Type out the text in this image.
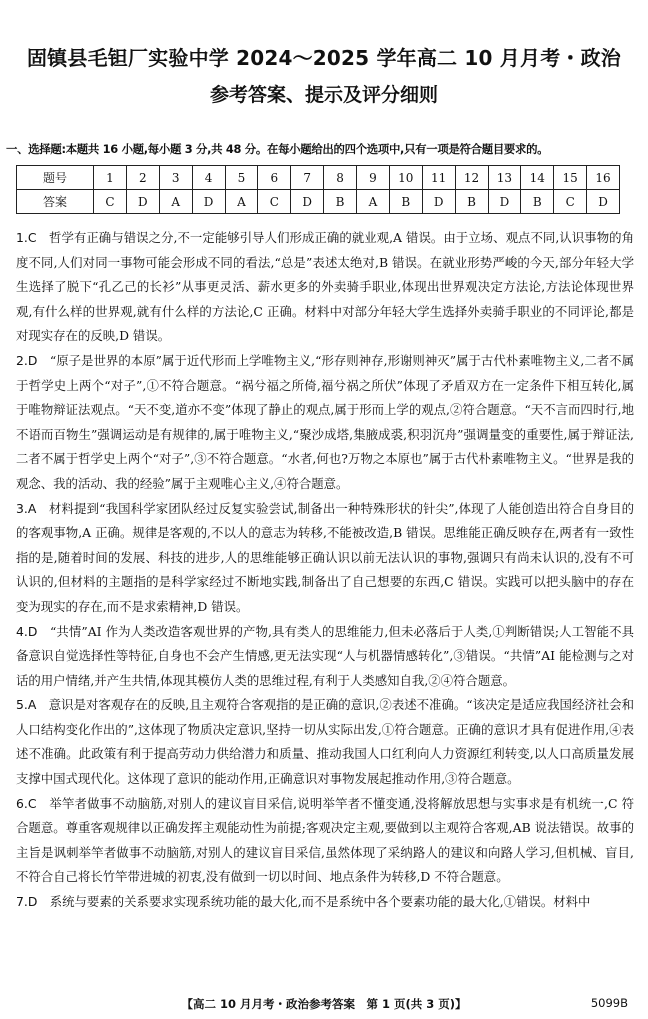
固镇县毛钽厂实验中学 2024～2025 学年高二 10 月月考・政治
参考答案、提示及评分细则
一、选择题:本题共 16 小题,每小题 3 分,共 48 分。在每小题给出的四个选项中,只有一项是符合题目要求的。
题号	1	2	3	4	5	6	7	8	9	10	11	12	13	14	15	16
答案	C	D	A	D	A	C	D	B	A	B	D	B	D	B	C	D

1.C　 哲学有正确与错误之分,不一定能够引导人们形成正确的就业观,A 错误。由于立场、观点不同,认识事物的角度不同,人们对同一事物可能会形成不同的看法,“总是”表述太绝对,B 错误。在就业形势严峻的今天,部分年轻大学生选择了脱下“孔乙己的长衫”从事更灵活、薪水更多的外卖骑手职业,体现出世界观决定方法论,方法论体现世界观,有什么样的世界观,就有什么样的方法论,C 正确。材料中对部分年轻大学生选择外卖骑手职业的不同评论,都是对现实存在的反映,D 错误。

2.D　 “原子是世界的本原”属于近代形而上学唯物主义,“形存则神存,形谢则神灭”属于古代朴素唯物主义,二者不属于哲学史上两个“对子”,①不符合题意。“祸兮福之所倚,福兮祸之所伏”体现了矛盾双方在一定条件下相互转化,属于唯物辩证法观点。“天不变,道亦不变”体现了静止的观点,属于形而上学的观点,②符合题意。“天不言而四时行,地不语而百物生”强调运动是有规律的,属于唯物主义,“聚沙成塔,集腋成裘,积羽沉舟”强调量变的重要性,属于辩证法,二者不属于哲学史上两个“对子”,③不符合题意。“水者,何也?万物之本原也”属于古代朴素唯物主义。“世界是我的观念、我的活动、我的经验”属于主观唯心主义,④符合题意。

3.A　 材料提到“我国科学家团队经过反复实验尝试,制备出一种特殊形状的针尖”,体现了人能创造出符合自身目的的客观事物,A 正确。规律是客观的,不以人的意志为转移,不能被改造,B 错误。思维能正确反映存在,两者有一致性指的是,随着时间的发展、科技的进步,人的思维能够正确认识以前无法认识的事物,强调只有尚未认识的,没有不可认识的,但材料的主题指的是科学家经过不断地实践,制备出了自己想要的东西,C 错误。实践可以把头脑中的存在变为现实的存在,而不是求索精神,D 错误。

4.D　 “共情”AI 作为人类改造客观世界的产物,具有类人的思维能力,但未必落后于人类,①判断错误;人工智能不具备意识自觉选择性等特征,自身也不会产生情感,更无法实现“人与机器情感转化”,③错误。“共情”AI 能检测与之对话的用户情绪,并产生共情,体现其模仿人类的思维过程,有利于人类感知自我,②④符合题意。

5.A　 意识是对客观存在的反映,且主观符合客观指的是正确的意识,②表述不准确。“该决定是适应我国经济社会和人口结构变化作出的”,这体现了物质决定意识,坚持一切从实际出发,①符合题意。正确的意识才具有促进作用,④表述不准确。此政策有利于提高劳动力供给潜力和质量、推动我国人口红利向人力资源红利转变,以人口高质量发展支撑中国式现代化。这体现了意识的能动作用,正确意识对事物发展起推动作用,③符合题意。

6.C　 举竿者做事不动脑筋,对别人的建议盲目采信,说明举竿者不懂变通,没将解放思想与实事求是有机统一,C 符合题意。尊重客观规律以正确发挥主观能动性为前提;客观决定主观,要做到以主观符合客观,AB 说法错误。故事的主旨是讽刺举竿者做事不动脑筋,对别人的建议盲目采信,虽然体现了采纳路人的建议和向路人学习,但机械、盲目,不符合自己将长竹竿带进城的初衷,没有做到一切以时间、地点条件为转移,D 不符合题意。

7.D　 系统与要素的关系要求实现系统功能的最大化,而不是系统中各个要素功能的最大化,①错误。材料中

【高二 10 月月考・政治参考答案　第 1 页(共 3 页)】	5099B
